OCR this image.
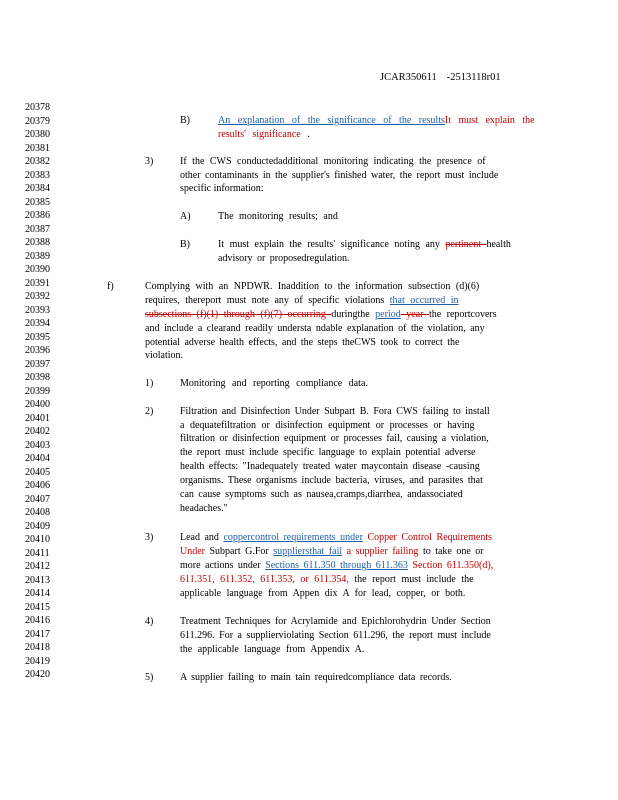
JCAR350611 -2513118r01
20378
20379
20380
20381
20382
20383
20384
20385
20386
20387
20388
20389
20390
20391
20392
20393
20394
20395
20396
20397
20398
20399
20400
20401
20402
20403
20404
20405
20406
20407
20408
20409
20410
20411
20412
20413
20414
20415
20416
20417
20418
20419
20420
B)	An explanation of the significance of the resultsIt must explain the
results' significance .
3)	If the CWS conductedadditional monitoring indicating the presence of
other contaminants in the supplier's finished water, the report must include
specific information:
A)	The monitoring results; and
B)	It must explain the results' significance noting any pertinent health
advisory or proposedregulation.
f)	Complying with an NPDWR. Inaddition to the information subsection (d)(6)
requires, thereport must note any of specific violations that occurred in
subsections (f)(1) through (f)(7) occurring duringthe period year the reportcovers
and include a clearand readily understa ndable explanation of the violation, any
potential adverse health effects, and the steps theCWS took to correct the
violation.
1)	Monitoring and reporting compliance data.
2)	Filtration and Disinfection Under Subpart B. Fora CWS failing to install
a dequatefiltration or disinfection equipment or processes or having
filtration or disinfection equipment or processes fail, causing a violation,
the report must include specific language to explain potential adverse
health effects: "Inadequately treated water maycontain disease -causing
organisms. These organisms include bacteria, viruses, and parasites that
can cause symptoms such as nausea,cramps,diarrhea, andassociated
headaches."
3)	Lead and coppercontrol requirements under Copper Control Requirements
Under Subpart G.For suppliersthat fail a supplier failing to take one or
more actions under Sections 611.350 through 611.363 Section 611.350(d),
611.351, 611.352, 611.353, or 611.354, the report must include the
applicable language from Appen dix A for lead, copper, or both.
4)	Treatment Techniques for Acrylamide and Epichlorohydrin Under Section
611.296. For a supplierviolating Section 611.296, the report must include
the applicable language from Appendix A.
5)	A supplier failing to main tain requiredcompliance data records.
